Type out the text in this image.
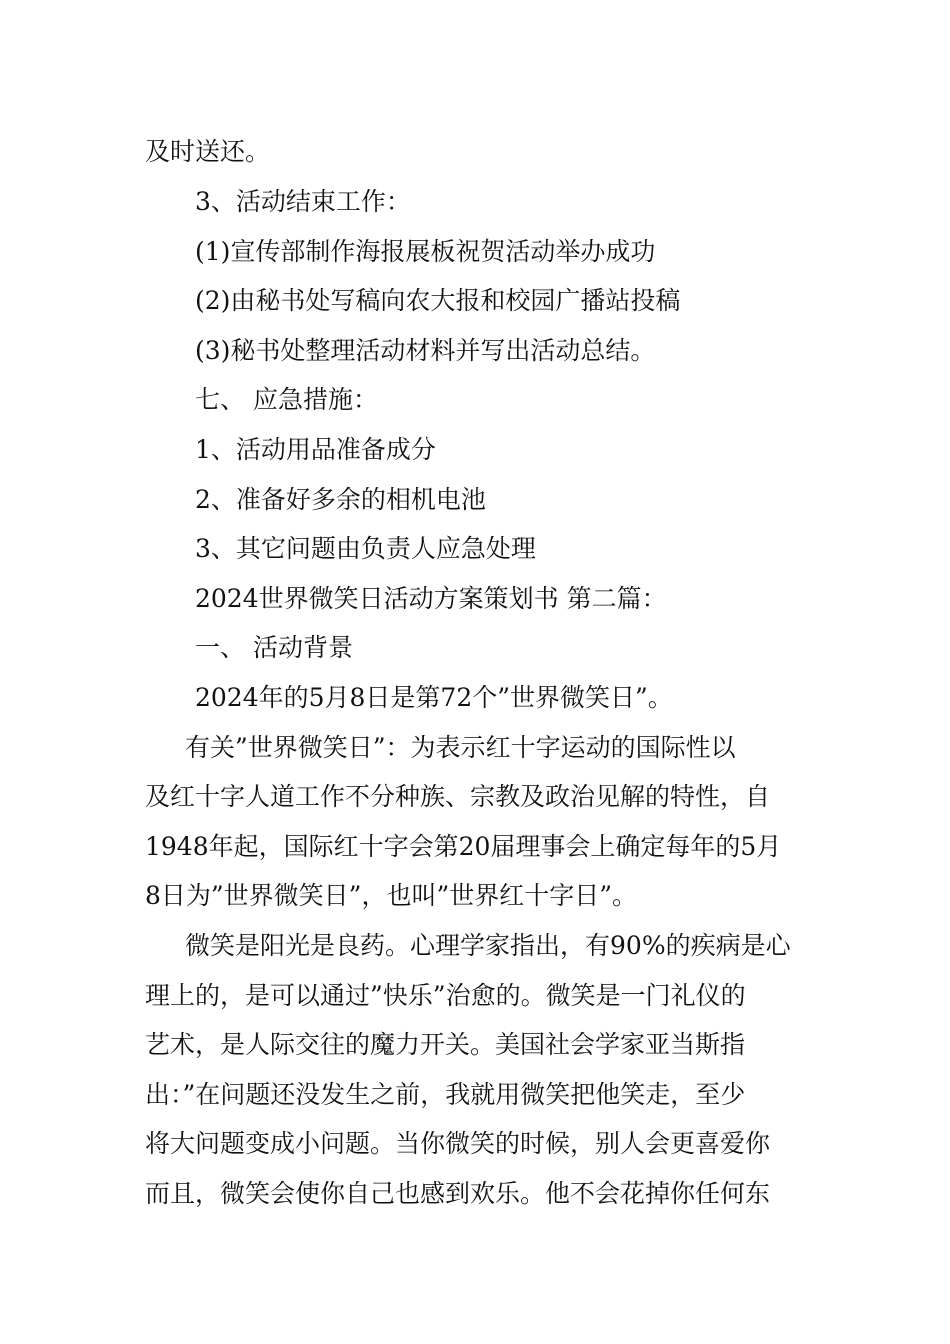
及时送还。
3、活动结束工作：
(1)宣传部制作海报展板祝贺活动举办成功
(2)由秘书处写稿向农大报和校园广播站投稿
(3)秘书处整理活动材料并写出活动总结。
七、 应急措施：
1、活动用品准备成分
2、准备好多余的相机电池
3、其它问题由负责人应急处理
2024世界微笑日活动方案策划书 第二篇：
一、 活动背景
2024年的5月8日是第72个”世界微笑日”。
有关”世界微笑日”：为表示红十字运动的国际性以
及红十字人道工作不分种族、宗教及政治见解的特性，自
1948年起，国际红十字会第20届理事会上确定每年的5月
8日为”世界微笑日”，也叫”世界红十字日”。
微笑是阳光是良药。心理学家指出，有90%的疾病是心
理上的，是可以通过”快乐”治愈的。微笑是一门礼仪的
艺术，是人际交往的魔力开关。美国社会学家亚当斯指
出：”在问题还没发生之前，我就用微笑把他笑走，至少
将大问题变成小问题。当你微笑的时候，别人会更喜爱你
而且，微笑会使你自己也感到欢乐。他不会花掉你任何东
